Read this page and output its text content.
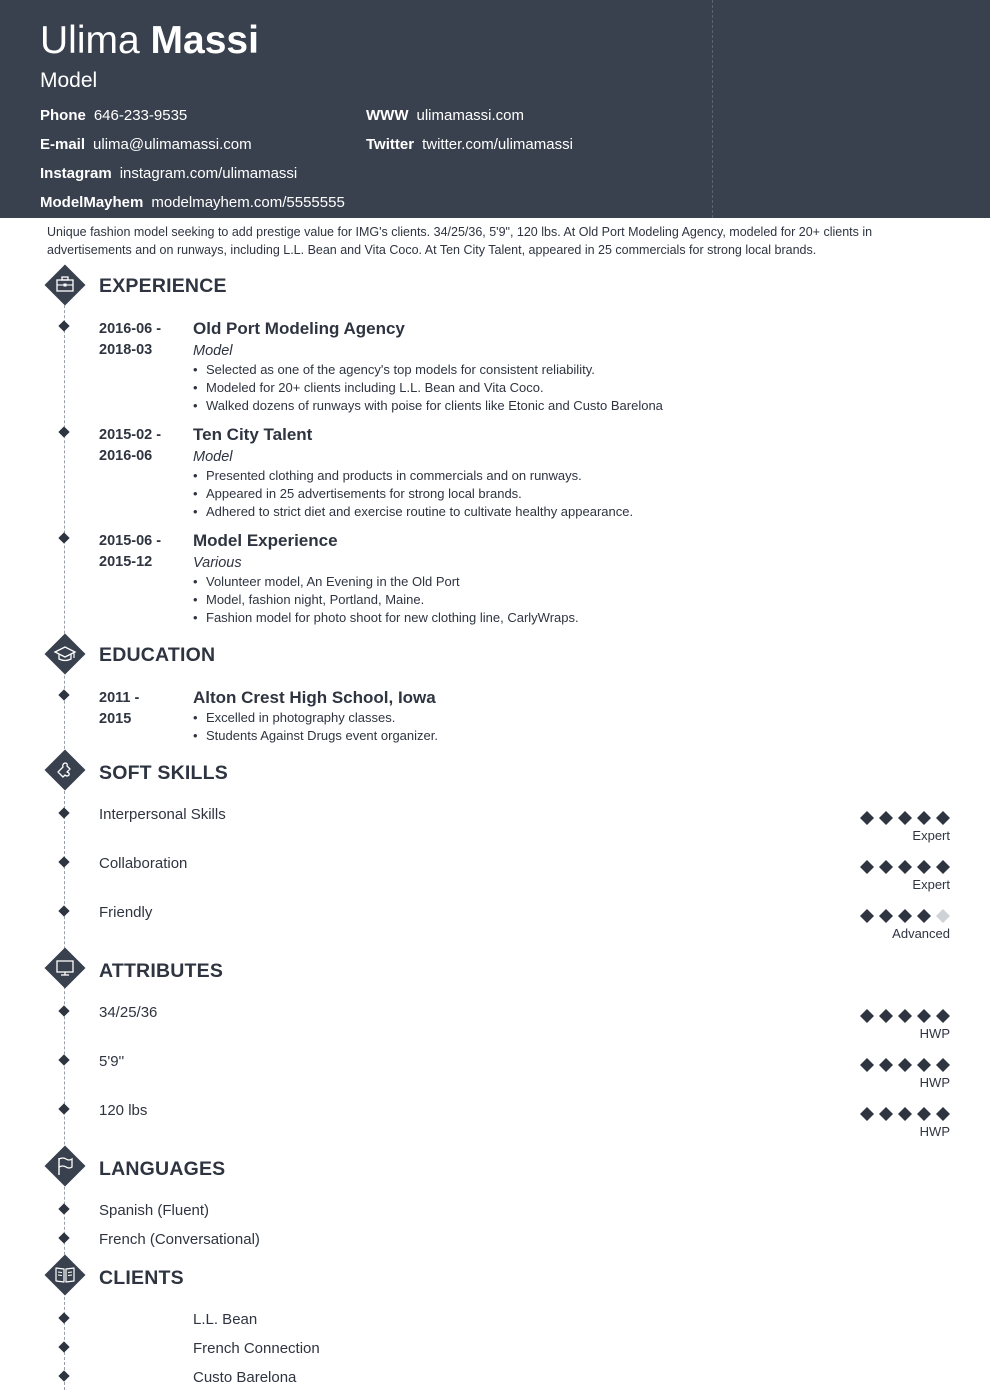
Ulima Massi
Model
Phone 646-233-9535
E-mail ulima@ulimamassi.com
Instagram instagram.com/ulimamassi
ModelMayhem modelmayhem.com/5555555
WWW ulimamassi.com
Twitter twitter.com/ulimamassi
Unique fashion model seeking to add prestige value for IMG's clients. 34/25/36, 5'9", 120 lbs. At Old Port Modeling Agency, modeled for 20+ clients in advertisements and on runways, including L.L. Bean and Vita Coco. At Ten City Talent, appeared in 25 commercials for strong local brands.
EXPERIENCE
2016-06 -
2018-03
Old Port Modeling Agency
Model
• Selected as one of the agency's top models for consistent reliability.
• Modeled for 20+ clients including L.L. Bean and Vita Coco.
• Walked dozens of runways with poise for clients like Etonic and Custo Barelona
2015-02 -
2016-06
Ten City Talent
Model
• Presented clothing and products in commercials and on runways.
• Appeared in 25 advertisements for strong local brands.
• Adhered to strict diet and exercise routine to cultivate healthy appearance.
2015-06 -
2015-12
Model Experience
Various
• Volunteer model, An Evening in the Old Port
• Model, fashion night, Portland, Maine.
• Fashion model for photo shoot for new clothing line, CarlyWraps.
EDUCATION
2011 -
2015
Alton Crest High School, Iowa
• Excelled in photography classes.
• Students Against Drugs event organizer.
SOFT SKILLS
Interpersonal Skills
Expert
Collaboration
Expert
Friendly
Advanced
ATTRIBUTES
34/25/36
HWP
5'9''
HWP
120 lbs
HWP
LANGUAGES
Spanish (Fluent)
French (Conversational)
CLIENTS
L.L. Bean
French Connection
Custo Barelona
